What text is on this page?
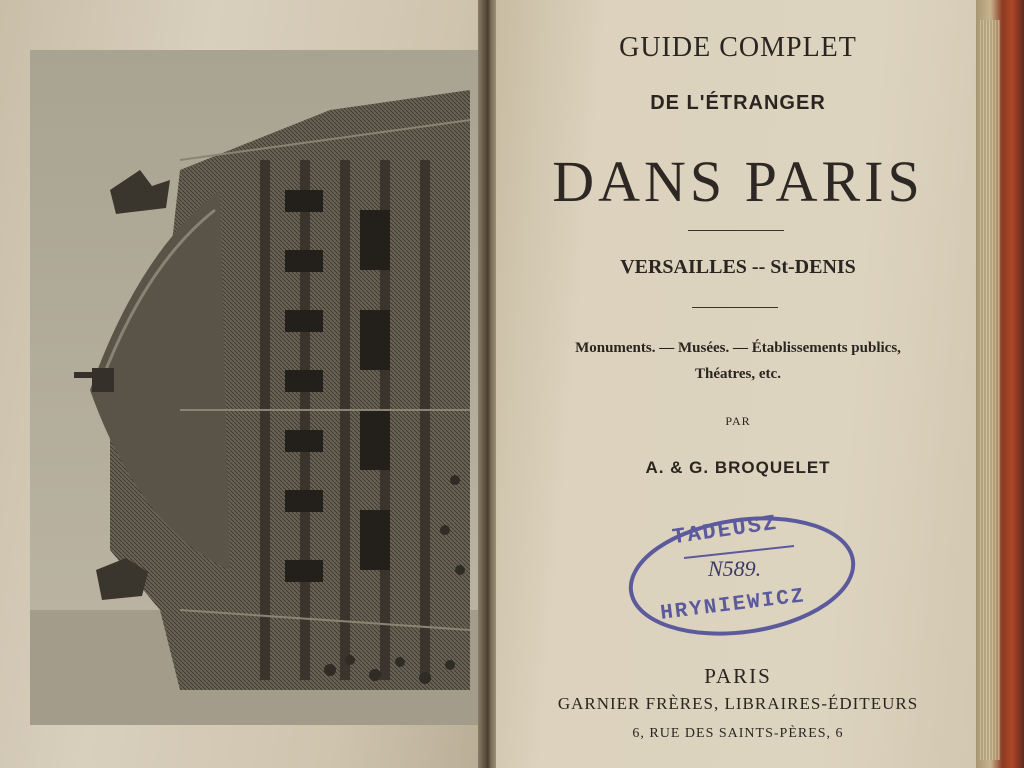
GUIDE COMPLET
DE L'ÉTRANGER
DANS PARIS
VERSAILLES -- St-DENIS
Monuments. — Musées. — Établissements publics,
Théatres, etc.
PAR
A. & G. BROQUELET
TADEUSZ
N589.
HRYNIEWICZ
PARIS
GARNIER FRÈRES, LIBRAIRES-ÉDITEURS
6, RUE DES SAINTS-PÈRES, 6
